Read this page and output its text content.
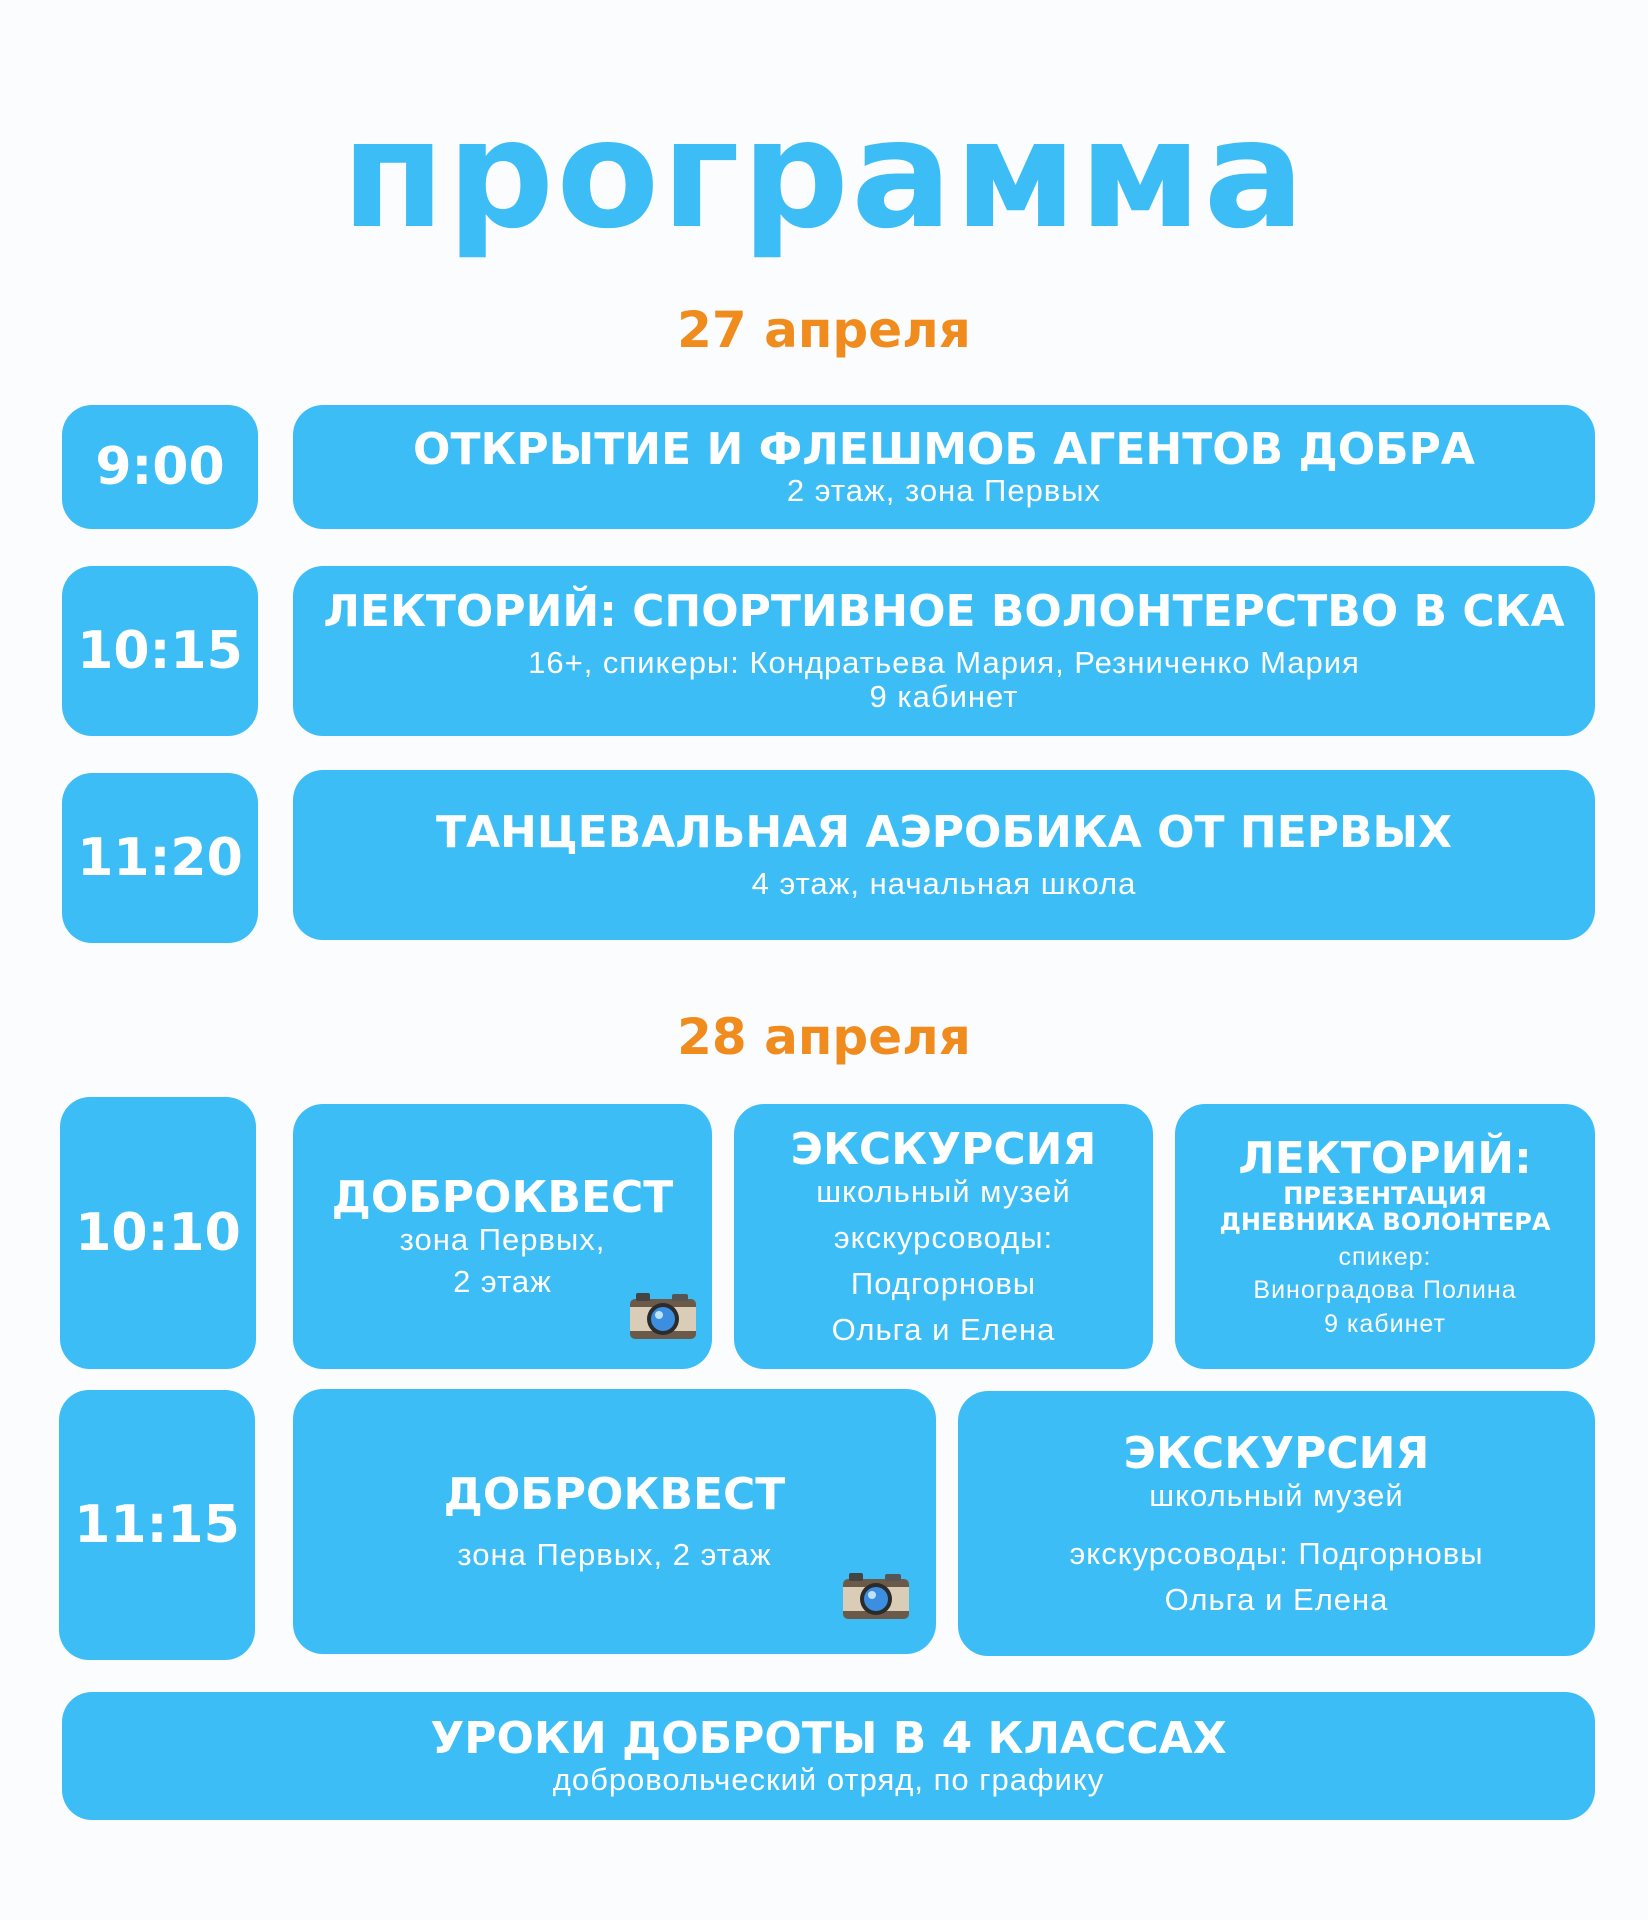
программа
27 апреля
9:00	ОТКРЫТИЕ И ФЛЕШМОБ АГЕНТОВ ДОБРА
2 этаж, зона Первых
10:15
ЛЕКТОРИЙ: СПОРТИВНОЕ ВОЛОНТЕРСТВО В СКА
16+, спикеры: Кондратьева Мария, Резниченко Мария
9 кабинет
11:20	ТАНЦЕВАЛЬНАЯ АЭРОБИКА ОТ ПЕРВЫХ
4 этаж, начальная школа
28 апреля
10:10
ДОБРОКВЕСТ
зона Первых,
2 этаж
ЭКСКУРСИЯ
школьный музей
экскурсоводы:
Подгорновы
Ольга и Елена
ЛЕКТОРИЙ:
ПРЕЗЕНТАЦИЯ ДНЕВНИКА ВОЛОНТЕРА
спикер:
Виноградова Полина
9 кабинет
11:15
ДОБРОКВЕСТ
зона Первых, 2 этаж
ЭКСКУРСИЯ
школьный музей
экскурсоводы: Подгорновы
Ольга и Елена
УРОКИ ДОБРОТЫ В 4 КЛАССАХ
добровольческий отряд, по графику
